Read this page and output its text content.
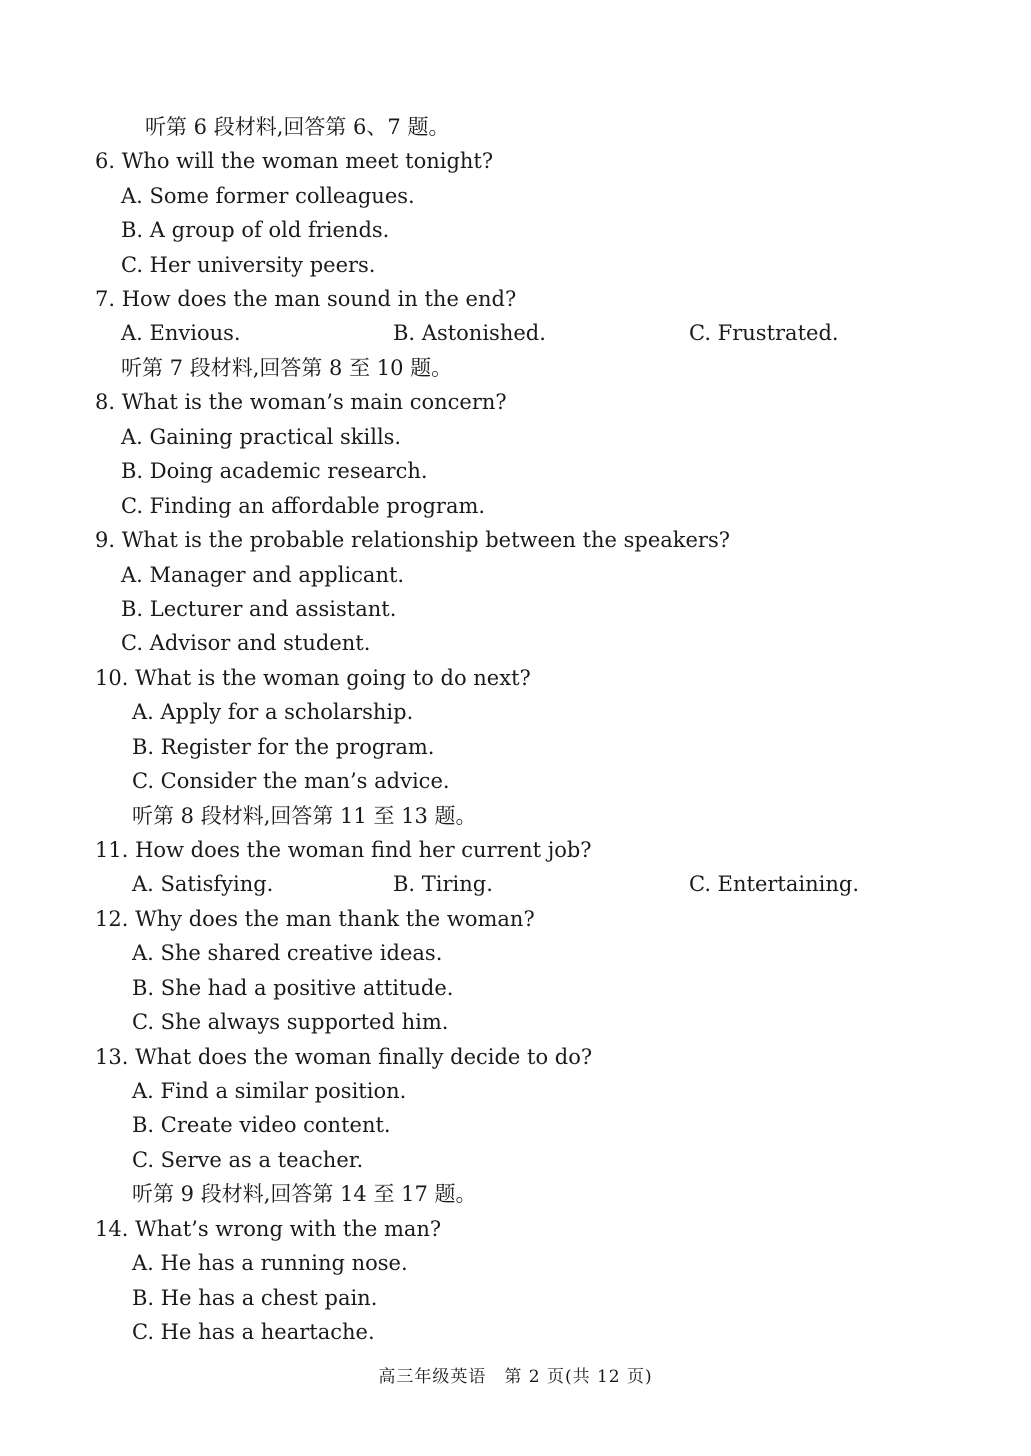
听第 6 段材料,回答第 6、7 题。
6. Who will the woman meet tonight?
A. Some former colleagues.
B. A group of old friends.
C. Her university peers.
7. How does the man sound in the end?
A. Envious.	B. Astonished.	C. Frustrated.
听第 7 段材料,回答第 8 至 10 题。
8. What is the woman’s main concern?
A. Gaining practical skills.
B. Doing academic research.
C. Finding an affordable program.
9. What is the probable relationship between the speakers?
A. Manager and applicant.
B. Lecturer and assistant.
C. Advisor and student.
10. What is the woman going to do next?
A. Apply for a scholarship.
B. Register for the program.
C. Consider the man’s advice.
听第 8 段材料,回答第 11 至 13 题。
11. How does the woman find her current job?
A. Satisfying.	B. Tiring.	C. Entertaining.
12. Why does the man thank the woman?
A. She shared creative ideas.
B. She had a positive attitude.
C. She always supported him.
13. What does the woman finally decide to do?
A. Find a similar position.
B. Create video content.
C. Serve as a teacher.
听第 9 段材料,回答第 14 至 17 题。
14. What’s wrong with the man?
A. He has a running nose.
B. He has a chest pain.
C. He has a heartache.
高三年级英语　第 2 页(共 12 页)
